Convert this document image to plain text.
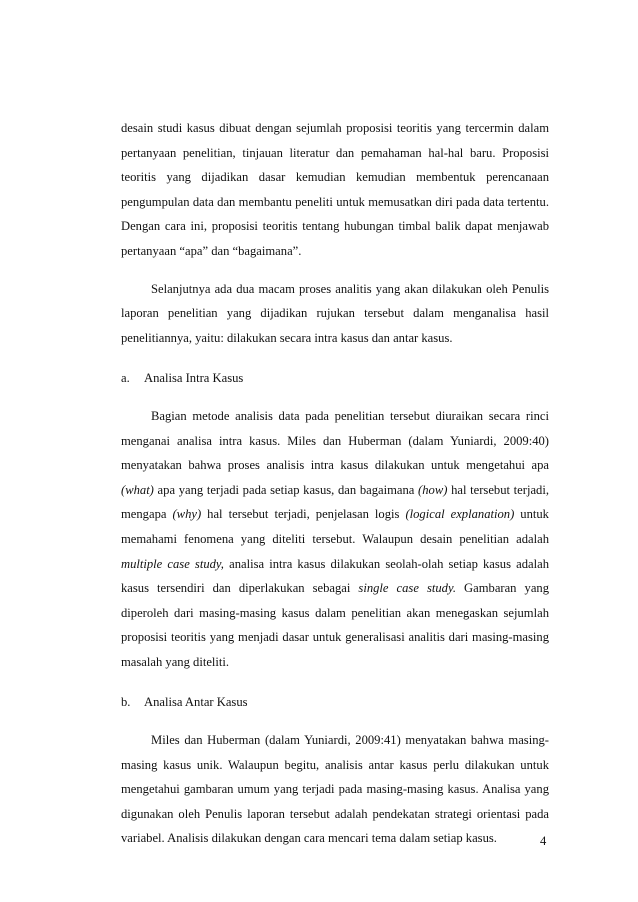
desain studi kasus dibuat dengan sejumlah proposisi teoritis yang tercermin dalam pertanyaan penelitian, tinjauan literatur dan pemahaman hal-hal baru. Proposisi teoritis yang dijadikan dasar kemudian kemudian membentuk perencanaan pengumpulan data dan membantu peneliti untuk memusatkan diri pada data tertentu. Dengan cara ini, proposisi teoritis tentang hubungan timbal balik dapat menjawab pertanyaan “apa” dan “bagaimana”.

Selanjutnya ada dua macam proses analitis yang akan dilakukan oleh Penulis laporan penelitian yang dijadikan rujukan tersebut dalam menganalisa hasil penelitiannya, yaitu: dilakukan secara intra kasus dan antar kasus.

a.	Analisa Intra Kasus

Bagian metode analisis data pada penelitian tersebut diuraikan secara rinci menganai analisa intra kasus. Miles dan Huberman (dalam Yuniardi, 2009:40) menyatakan bahwa proses analisis intra kasus dilakukan untuk mengetahui apa (what) apa yang terjadi pada setiap kasus, dan bagaimana (how) hal tersebut terjadi, mengapa (why) hal tersebut terjadi, penjelasan logis (logical explanation) untuk memahami fenomena yang diteliti tersebut. Walaupun desain penelitian adalah multiple case study, analisa intra kasus dilakukan seolah-olah setiap kasus adalah kasus tersendiri dan diperlakukan sebagai single case study. Gambaran yang diperoleh dari masing-masing kasus dalam penelitian akan menegaskan sejumlah proposisi teoritis yang menjadi dasar untuk generalisasi analitis dari masing-masing masalah yang diteliti.

b.	Analisa Antar Kasus

Miles dan Huberman (dalam Yuniardi, 2009:41) menyatakan bahwa masing-masing kasus unik. Walaupun begitu, analisis antar kasus perlu dilakukan untuk mengetahui gambaran umum yang terjadi pada masing-masing kasus. Analisa yang digunakan oleh Penulis laporan tersebut adalah pendekatan strategi orientasi pada variabel. Analisis dilakukan dengan cara mencari tema dalam setiap kasus.	4
